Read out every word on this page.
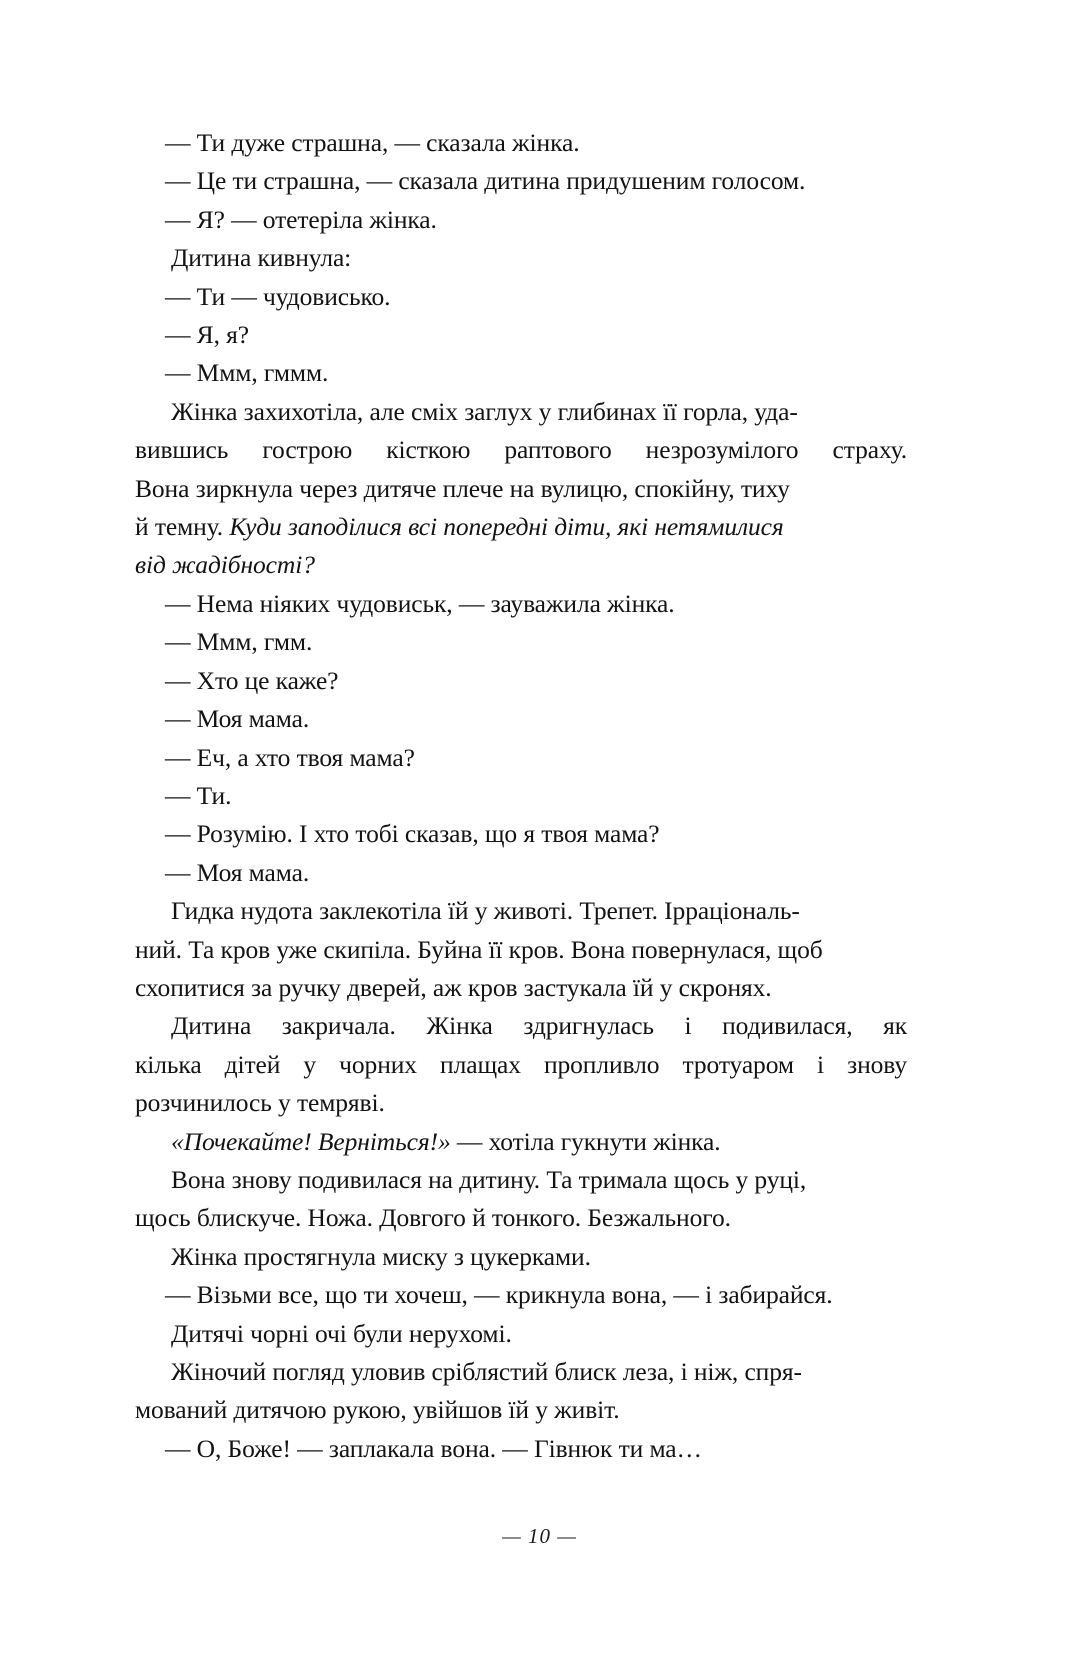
— Ти дуже страшна, — сказала жінка.
— Це ти страшна, — сказала дитина придушеним голосом.
— Я? — отетеріла жінка.
Дитина кивнула:
— Ти — чудовисько.
— Я, я?
— Ммм, гммм.
Жінка захихотіла, але сміх заглух у глибинах її горла, уда-
вившись гострою кісткою раптового незрозумілого страху.
Вона зиркнула через дитяче плече на вулицю, спокійну, тиху
й темну. Куди заподілися всі попередні діти, які нетямилися
від жадібності?
— Нема ніяких чудовиськ, — зауважила жінка.
— Ммм, гмм.
— Хто це каже?
— Моя мама.
— Еч, а хто твоя мама?
— Ти.
— Розумію. І хто тобі сказав, що я твоя мама?
— Моя мама.
Гидка нудота заклекотіла їй у животі. Трепет. Ірраціональ-
ний. Та кров уже скипіла. Буйна її кров. Вона повернулася, щоб
схопитися за ручку дверей, аж кров застукала їй у скронях.
Дитина закричала. Жінка здригнулась і подивилася, як
кілька дітей у чорних плащах пропливло тротуаром і знову
розчинилось у темряві.
«Почекайте! Верніться!» — хотіла гукнути жінка.
Вона знову подивилася на дитину. Та тримала щось у руці,
щось блискуче. Ножа. Довгого й тонкого. Безжального.
Жінка простягнула миску з цукерками.
— Візьми все, що ти хочеш, — крикнула вона, — і забирайся.
Дитячі чорні очі були нерухомі.
Жіночий погляд уловив сріблястий блиск леза, і ніж, спря-
мований дитячою рукою, увійшов їй у живіт.
— О, Боже! — заплакала вона. — Гівнюк ти ма…
— 10 —
